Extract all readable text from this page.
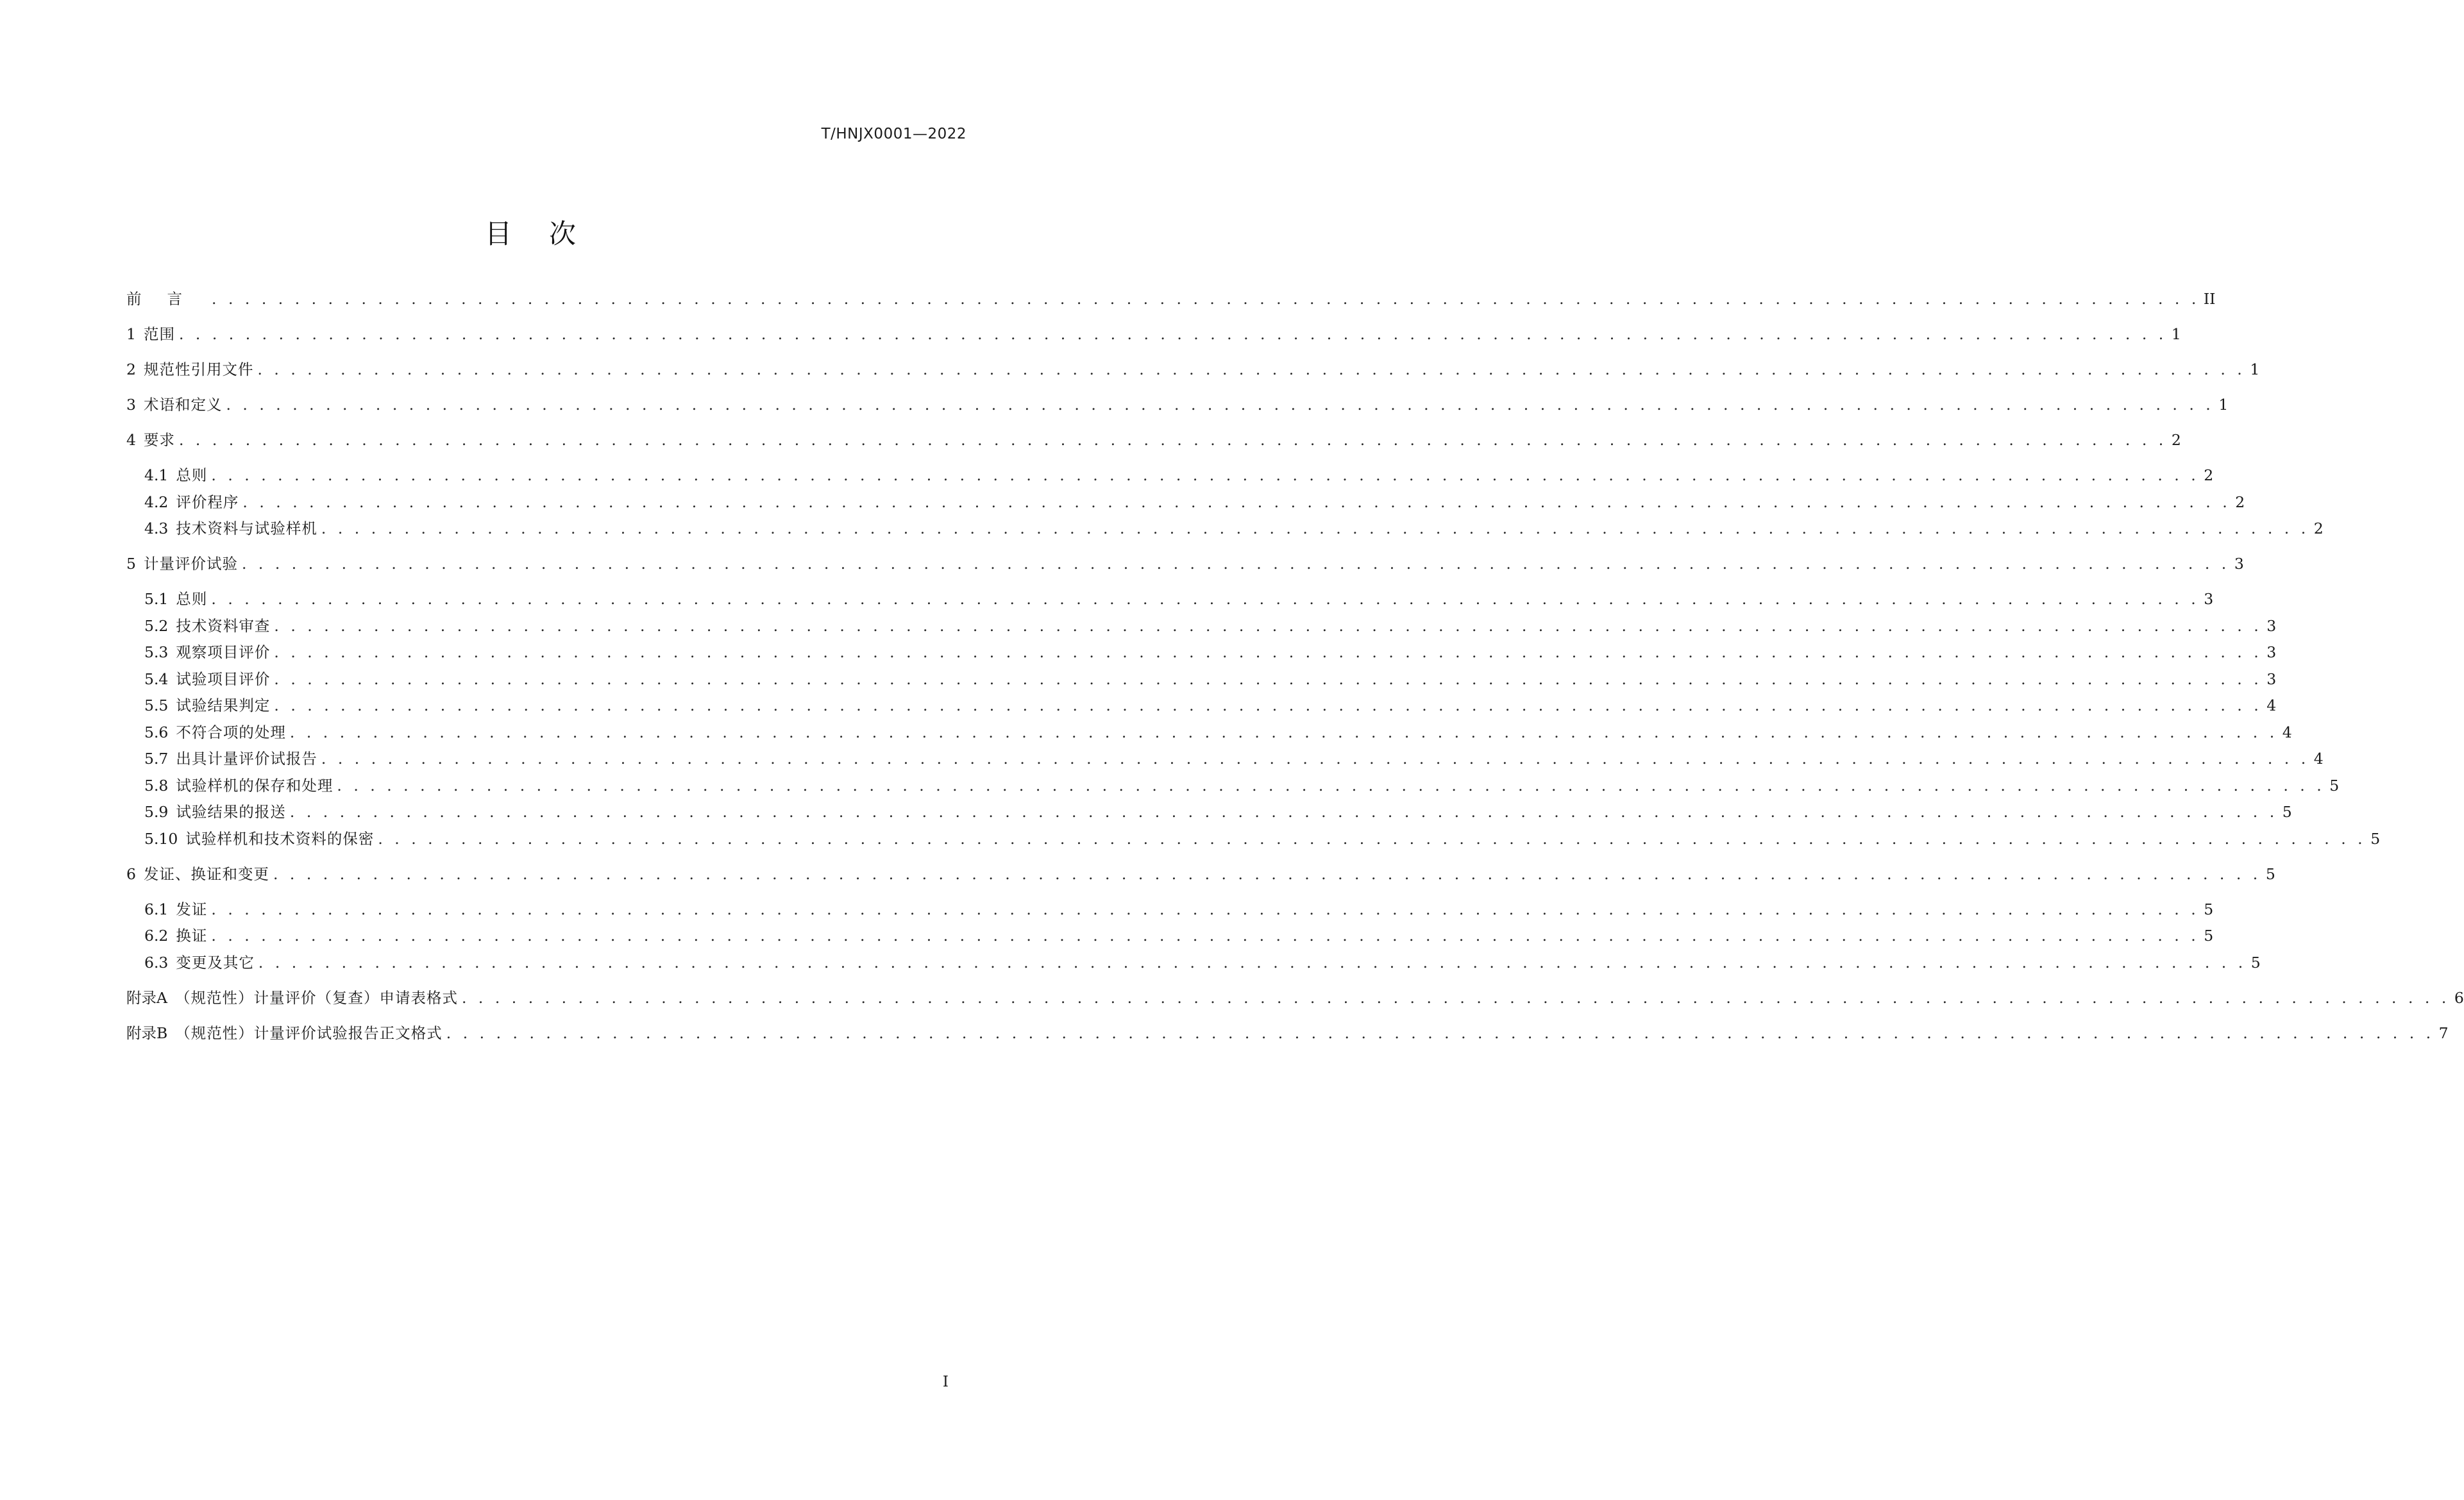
T/HNJX0001—2022
目次
前言 . . . . . . . . . . . . . . . . . . . . . . . . . . . . . . . . . . . . . . . . . . . . . . . . . . . . . . . . . . . . . . . . . . . . . . . . . . . . . . . . . . . . . . . . . . . . . . . . . . . . . . . . . . . . . . . . . . . . . . . . II
1 范围 . . . . . . . . . . . . . . . . . . . . . . . . . . . . . . . . . . . . . . . . . . . . . . . . . . . . . . . . . . . . . . . . . . . . . . . . . . . . . . . . . . . . . . . . . . . . . . . . . . . . . . . . . . . . . . . . . . . . . . . . 1
2 规范性引用文件 . . . . . . . . . . . . . . . . . . . . . . . . . . . . . . . . . . . . . . . . . . . . . . . . . . . . . . . . . . . . . . . . . . . . . . . . . . . . . . . . . . . . . . . . . . . . . . . . . . . . . . . . . . . . . . . . . . . . . . . . 1
3 术语和定义 . . . . . . . . . . . . . . . . . . . . . . . . . . . . . . . . . . . . . . . . . . . . . . . . . . . . . . . . . . . . . . . . . . . . . . . . . . . . . . . . . . . . . . . . . . . . . . . . . . . . . . . . . . . . . . . . . . . . . . . . 1
4 要求 . . . . . . . . . . . . . . . . . . . . . . . . . . . . . . . . . . . . . . . . . . . . . . . . . . . . . . . . . . . . . . . . . . . . . . . . . . . . . . . . . . . . . . . . . . . . . . . . . . . . . . . . . . . . . . . . . . . . . . . . 2
4.1 总则 . . . . . . . . . . . . . . . . . . . . . . . . . . . . . . . . . . . . . . . . . . . . . . . . . . . . . . . . . . . . . . . . . . . . . . . . . . . . . . . . . . . . . . . . . . . . . . . . . . . . . . . . . . . . . . . . . . . . . . . . 2
4.2 评价程序 . . . . . . . . . . . . . . . . . . . . . . . . . . . . . . . . . . . . . . . . . . . . . . . . . . . . . . . . . . . . . . . . . . . . . . . . . . . . . . . . . . . . . . . . . . . . . . . . . . . . . . . . . . . . . . . . . . . . . . . . 2
4.3 技术资料与试验样机 . . . . . . . . . . . . . . . . . . . . . . . . . . . . . . . . . . . . . . . . . . . . . . . . . . . . . . . . . . . . . . . . . . . . . . . . . . . . . . . . . . . . . . . . . . . . . . . . . . . . . . . . . . . . . . . . . . . . . . . . 2
5 计量评价试验 . . . . . . . . . . . . . . . . . . . . . . . . . . . . . . . . . . . . . . . . . . . . . . . . . . . . . . . . . . . . . . . . . . . . . . . . . . . . . . . . . . . . . . . . . . . . . . . . . . . . . . . . . . . . . . . . . . . . . . . . 3
5.1 总则 . . . . . . . . . . . . . . . . . . . . . . . . . . . . . . . . . . . . . . . . . . . . . . . . . . . . . . . . . . . . . . . . . . . . . . . . . . . . . . . . . . . . . . . . . . . . . . . . . . . . . . . . . . . . . . . . . . . . . . . . 3
5.2 技术资料审查 . . . . . . . . . . . . . . . . . . . . . . . . . . . . . . . . . . . . . . . . . . . . . . . . . . . . . . . . . . . . . . . . . . . . . . . . . . . . . . . . . . . . . . . . . . . . . . . . . . . . . . . . . . . . . . . . . . . . . . . . 3
5.3 观察项目评价 . . . . . . . . . . . . . . . . . . . . . . . . . . . . . . . . . . . . . . . . . . . . . . . . . . . . . . . . . . . . . . . . . . . . . . . . . . . . . . . . . . . . . . . . . . . . . . . . . . . . . . . . . . . . . . . . . . . . . . . . 3
5.4 试验项目评价 . . . . . . . . . . . . . . . . . . . . . . . . . . . . . . . . . . . . . . . . . . . . . . . . . . . . . . . . . . . . . . . . . . . . . . . . . . . . . . . . . . . . . . . . . . . . . . . . . . . . . . . . . . . . . . . . . . . . . . . . 3
5.5 试验结果判定 . . . . . . . . . . . . . . . . . . . . . . . . . . . . . . . . . . . . . . . . . . . . . . . . . . . . . . . . . . . . . . . . . . . . . . . . . . . . . . . . . . . . . . . . . . . . . . . . . . . . . . . . . . . . . . . . . . . . . . . . 4
5.6 不符合项的处理 . . . . . . . . . . . . . . . . . . . . . . . . . . . . . . . . . . . . . . . . . . . . . . . . . . . . . . . . . . . . . . . . . . . . . . . . . . . . . . . . . . . . . . . . . . . . . . . . . . . . . . . . . . . . . . . . . . . . . . . . 4
5.7 出具计量评价试报告 . . . . . . . . . . . . . . . . . . . . . . . . . . . . . . . . . . . . . . . . . . . . . . . . . . . . . . . . . . . . . . . . . . . . . . . . . . . . . . . . . . . . . . . . . . . . . . . . . . . . . . . . . . . . . . . . . . . . . . . . 4
5.8 试验样机的保存和处理 . . . . . . . . . . . . . . . . . . . . . . . . . . . . . . . . . . . . . . . . . . . . . . . . . . . . . . . . . . . . . . . . . . . . . . . . . . . . . . . . . . . . . . . . . . . . . . . . . . . . . . . . . . . . . . . . . . . . . . . . 5
5.9 试验结果的报送 . . . . . . . . . . . . . . . . . . . . . . . . . . . . . . . . . . . . . . . . . . . . . . . . . . . . . . . . . . . . . . . . . . . . . . . . . . . . . . . . . . . . . . . . . . . . . . . . . . . . . . . . . . . . . . . . . . . . . . . . 5
5.10 试验样机和技术资料的保密 . . . . . . . . . . . . . . . . . . . . . . . . . . . . . . . . . . . . . . . . . . . . . . . . . . . . . . . . . . . . . . . . . . . . . . . . . . . . . . . . . . . . . . . . . . . . . . . . . . . . . . . . . . . . . . . . . . . . . . . . 5
6 发证、换证和变更 . . . . . . . . . . . . . . . . . . . . . . . . . . . . . . . . . . . . . . . . . . . . . . . . . . . . . . . . . . . . . . . . . . . . . . . . . . . . . . . . . . . . . . . . . . . . . . . . . . . . . . . . . . . . . . . . . . . . . . . . 5
6.1 发证 . . . . . . . . . . . . . . . . . . . . . . . . . . . . . . . . . . . . . . . . . . . . . . . . . . . . . . . . . . . . . . . . . . . . . . . . . . . . . . . . . . . . . . . . . . . . . . . . . . . . . . . . . . . . . . . . . . . . . . . . 5
6.2 换证 . . . . . . . . . . . . . . . . . . . . . . . . . . . . . . . . . . . . . . . . . . . . . . . . . . . . . . . . . . . . . . . . . . . . . . . . . . . . . . . . . . . . . . . . . . . . . . . . . . . . . . . . . . . . . . . . . . . . . . . . 5
6.3 变更及其它 . . . . . . . . . . . . . . . . . . . . . . . . . . . . . . . . . . . . . . . . . . . . . . . . . . . . . . . . . . . . . . . . . . . . . . . . . . . . . . . . . . . . . . . . . . . . . . . . . . . . . . . . . . . . . . . . . . . . . . . . 5
附录A （规范性）计量评价（复查）申请表格式 . . . . . . . . . . . . . . . . . . . . . . . . . . . . . . . . . . . . . . . . . . . . . . . . . . . . . . . . . . . . . . . . . . . . . . . . . . . . . . . . . . . . . . . . . . . . . . . . . . . . . . . . . . . . . . . . . . . . . . . . 6
附录B （规范性）计量评价试验报告正文格式 . . . . . . . . . . . . . . . . . . . . . . . . . . . . . . . . . . . . . . . . . . . . . . . . . . . . . . . . . . . . . . . . . . . . . . . . . . . . . . . . . . . . . . . . . . . . . . . . . . . . . . . . . . . . . . . . . . . . . . . . 7
I
